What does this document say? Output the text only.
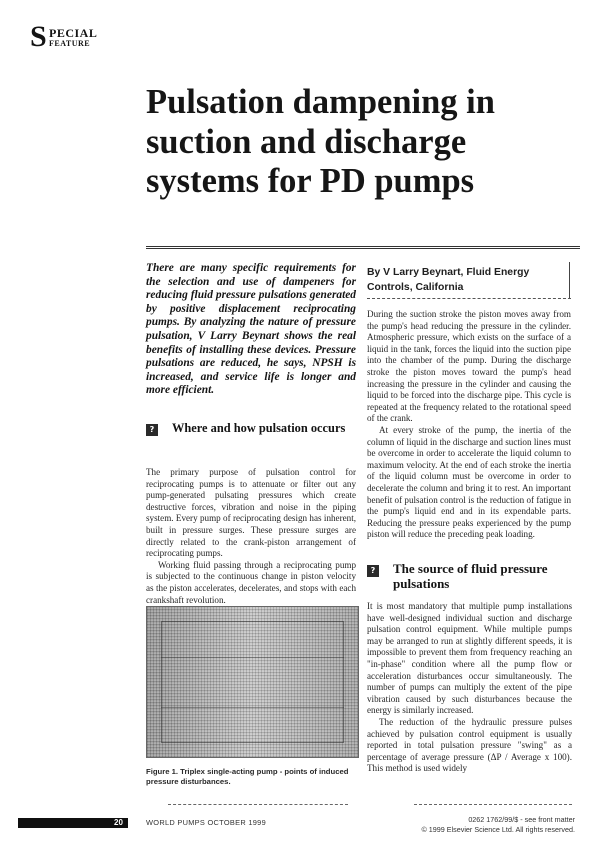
S PECIAL
FEATURE
Pulsation dampening in suction and discharge systems for PD pumps

There are many specific requirements for the selection and use of dampeners for reducing fluid pressure pulsations generated by positive displacement reciprocating pumps. By analyzing the nature of pressure pulsation, V Larry Beynart shows the real benefits of installing these devices. Pressure pulsations are reduced, he says, NPSH is increased, and service life is longer and more efficient.

By V Larry Beynart, Fluid Energy Controls, California

? Where and how pulsation occurs

The primary purpose of pulsation control for reciprocating pumps is to attenuate or filter out any pump-generated pulsating pressures which create destructive forces, vibration and noise in the piping system. Every pump of reciprocating design has inherent, built in pressure surges. These pressure surges are directly related to the crank-piston arrangement of reciprocating pumps.

Working fluid passing through a reciprocating pump is subjected to the continuous change in piston velocity as the piston accelerates, decelerates, and stops with each crankshaft revolution.

During the suction stroke the piston moves away from the pump's head reducing the pressure in the cylinder. Atmospheric pressure, which exists on the surface of a liquid in the tank, forces the liquid into the suction pipe into the chamber of the pump. During the discharge stroke the piston moves toward the pump's head increasing the pressure in the cylinder and causing the liquid to be forced into the discharge pipe. This cycle is repeated at the frequency related to the rotational speed of the crank.

At every stroke of the pump, the inertia of the column of liquid in the discharge and suction lines must be overcome in order to accelerate the liquid column to maximum velocity. At the end of each stroke the inertia of the liquid column must be overcome in order to decelerate the column and bring it to rest. An important benefit of pulsation control is the reduction of fatigue in the pump's liquid end and in its expendable parts. Reducing the pressure peaks experienced by the pump piston will reduce the preceding peak loading.

? The source of fluid pressure pulsations

It is most mandatory that multiple pump installations have well-designed individual suction and discharge pulsation control equipment. While multiple pumps may be arranged to run at slightly different speeds, it is impossible to prevent them from frequency reaching an "in-phase" condition where all the pump flow or acceleration disturbances occur simultaneously. The number of pumps can multiply the extent of the pipe vibration caused by such disturbances because the energy is similarly increased.

The reduction of the hydraulic pressure pulses achieved by pulsation control equipment is usually reported in total pulsation pressure "swing" as a percentage of average pressure (ΔP / Average x 100). This method is used widely

Figure 1. Triplex single-acting pump - points of induced pressure disturbances.

20	WORLD PUMPS OCTOBER 1999	0262 1762/99/$ - see front matter
© 1999 Elsevier Science Ltd. All rights reserved.
